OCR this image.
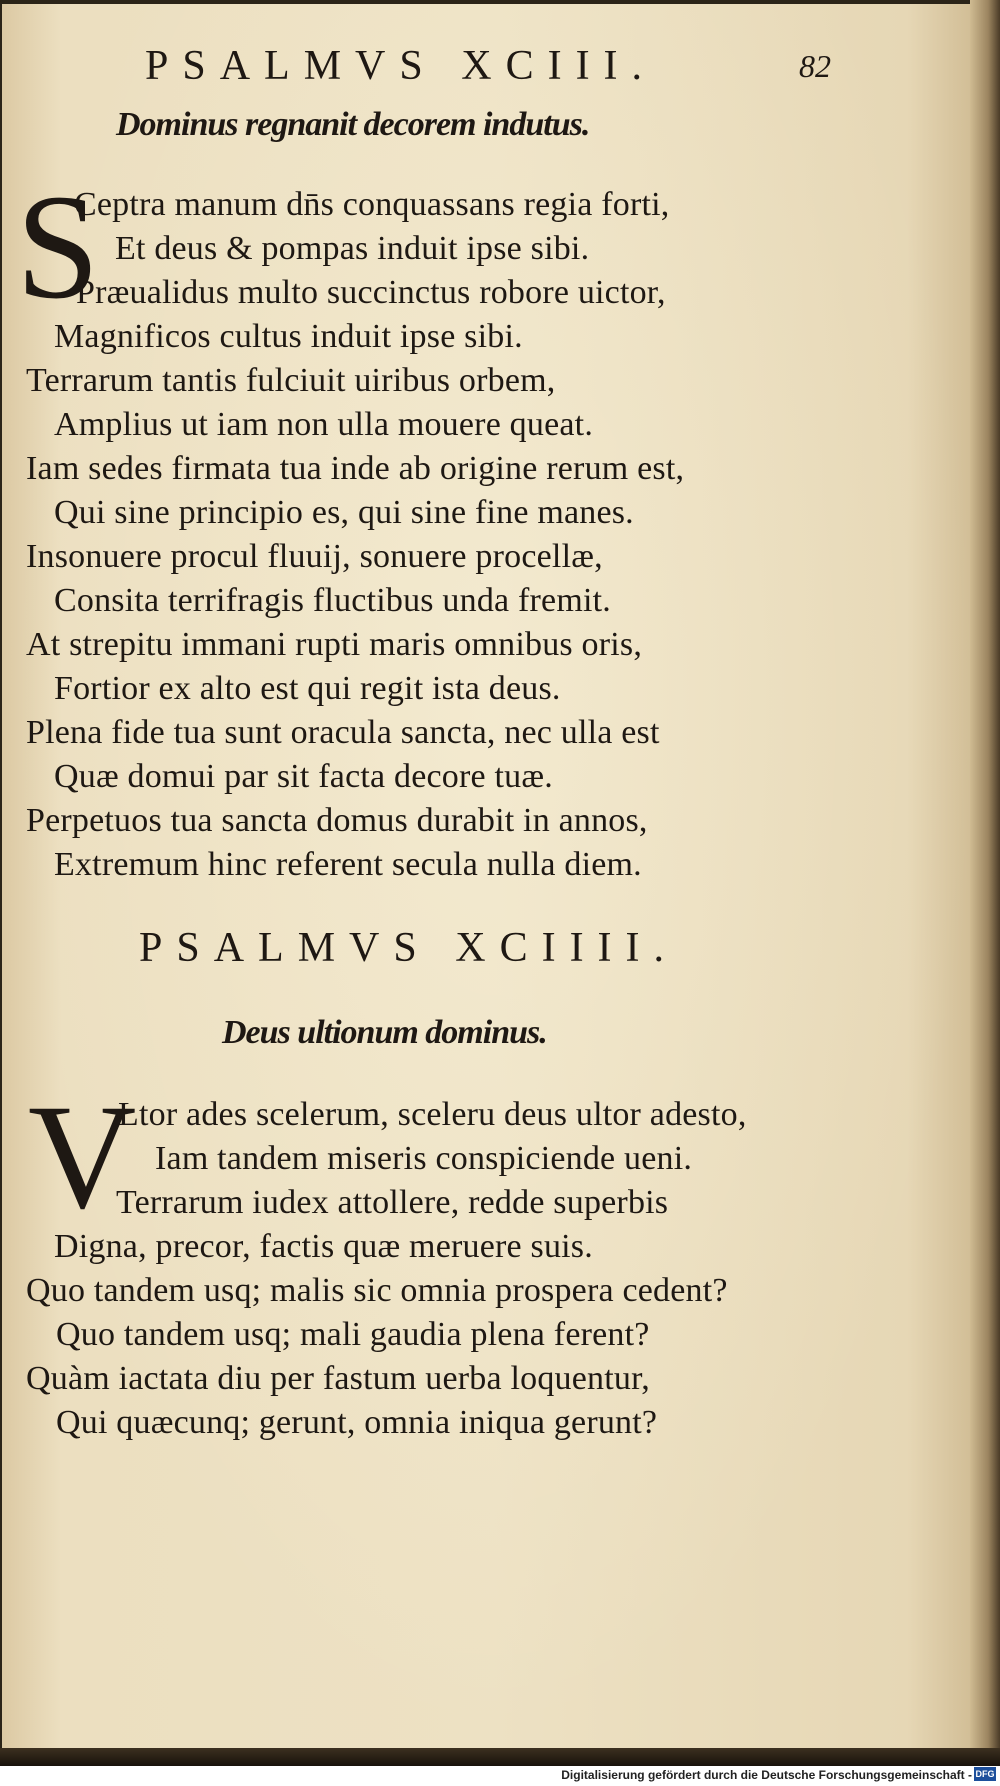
PSALMVS XCIII.	82
Dominus regnanit decorem indutus.
S
Ceptra manum dn̄s conquassans regia forti,
Et deus & pompas induit ipse sibi.
Præualidus multo succinctus robore uictor,
Magnificos cultus induit ipse sibi.
Terrarum tantis fulciuit uiribus orbem,
Amplius ut iam non ulla mouere queat.
Iam sedes firmata tua inde ab origine rerum est,
Qui sine principio es, qui sine fine manes.
Insonuere procul fluuij, sonuere procellæ,
Consita terrifragis fluctibus unda fremit.
At strepitu immani rupti maris omnibus oris,
Fortior ex alto est qui regit ista deus.
Plena fide tua sunt oracula sancta, nec ulla est
Quæ domui par sit facta decore tuæ.
Perpetuos tua sancta domus durabit in annos,
Extremum hinc referent secula nulla diem.
PSALMVS XCIIII.
Deus ultionum dominus.
V
Ltor ades scelerum, sceleru deus ultor adesto,
Iam tandem miseris conspiciende ueni.
Terrarum iudex attollere, redde superbis
Digna, precor, factis quæ meruere suis.
Quo tandem usq; malis sic omnia prospera cedent?
Quo tandem usq; mali gaudia plena ferent?
Quàm iactata diu per fastum uerba loquentur,
Qui quæcunq; gerunt, omnia iniqua gerunt?
Digitalisierung gefördert durch die Deutsche Forschungsgemeinschaft - DFG
